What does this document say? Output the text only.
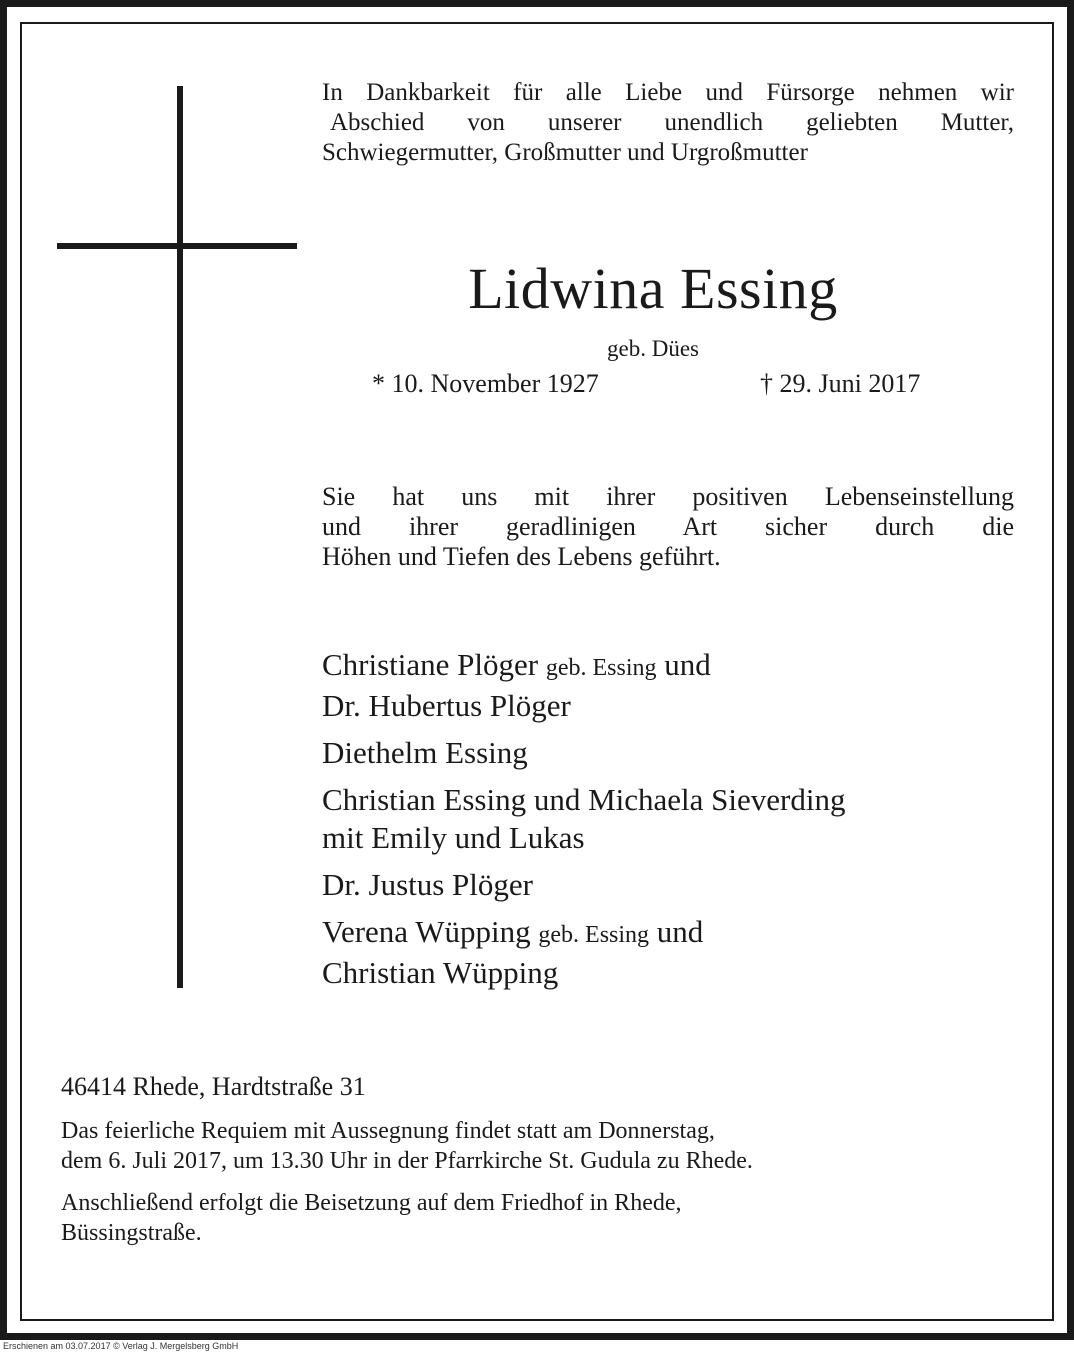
In Dankbarkeit für alle Liebe und Fürsorge nehmen wir
Abschied von unserer unendlich geliebten Mutter,
Schwiegermutter, Großmutter und Urgroßmutter
Lidwina Essing
geb. Dües
* 10. November 1927	† 29. Juni 2017
Sie hat uns mit ihrer positiven Lebenseinstellung
und ihrer geradlinigen Art sicher durch die
Höhen und Tiefen des Lebens geführt.
Christiane Plöger geb. Essing und
Dr. Hubertus Plöger
Diethelm Essing
Christian Essing und Michaela Sieverding
mit Emily und Lukas
Dr. Justus Plöger
Verena Wüpping geb. Essing und
Christian Wüpping
46414 Rhede, Hardtstraße 31
Das feierliche Requiem mit Aussegnung findet statt am Donnerstag,
dem 6. Juli 2017, um 13.30 Uhr in der Pfarrkirche St. Gudula zu Rhede.
Anschließend erfolgt die Beisetzung auf dem Friedhof in Rhede,
Büssingstraße.
Erschienen am 03.07.2017 © Verlag J. Mergelsberg GmbH
